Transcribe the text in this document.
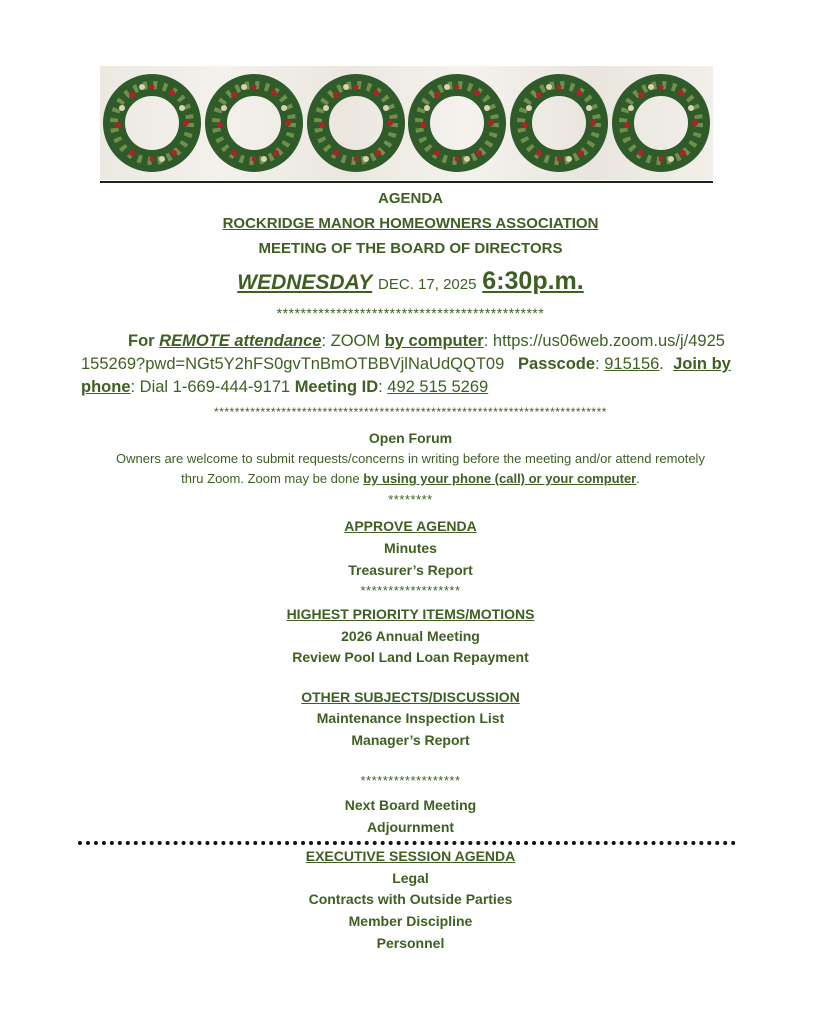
AGENDA
ROCKRIDGE MANOR HOMEOWNERS ASSOCIATION
MEETING OF THE BOARD OF DIRECTORS
WEDNESDAY DEC. 17, 2025 6:30p.m.
*********************************************
For REMOTE attendance: ZOOM by computer: https://us06web.zoom.us/j/4925155269?pwd=NGt5Y2hFS0gvTnBmOTBBVjlNaUdQQT09 Passcode: 915156.  Join by phone: Dial 1-669-444-9171 Meeting ID: 492 515 5269
****************************************************************************
Open Forum
Owners are welcome to submit requests/concerns in writing before the meeting and/or attend remotely
thru Zoom. Zoom may be done by using your phone (call) or your computer.
********
APPROVE AGENDA
Minutes
Treasurer’s Report
******************
HIGHEST PRIORITY ITEMS/MOTIONS
2026 Annual Meeting
Review Pool Land Loan Repayment
OTHER SUBJECTS/DISCUSSION
Maintenance Inspection List
Manager’s Report
******************
Next Board Meeting
Adjournment
EXECUTIVE SESSION AGENDA
Legal
Contracts with Outside Parties
Member Discipline
Personnel
